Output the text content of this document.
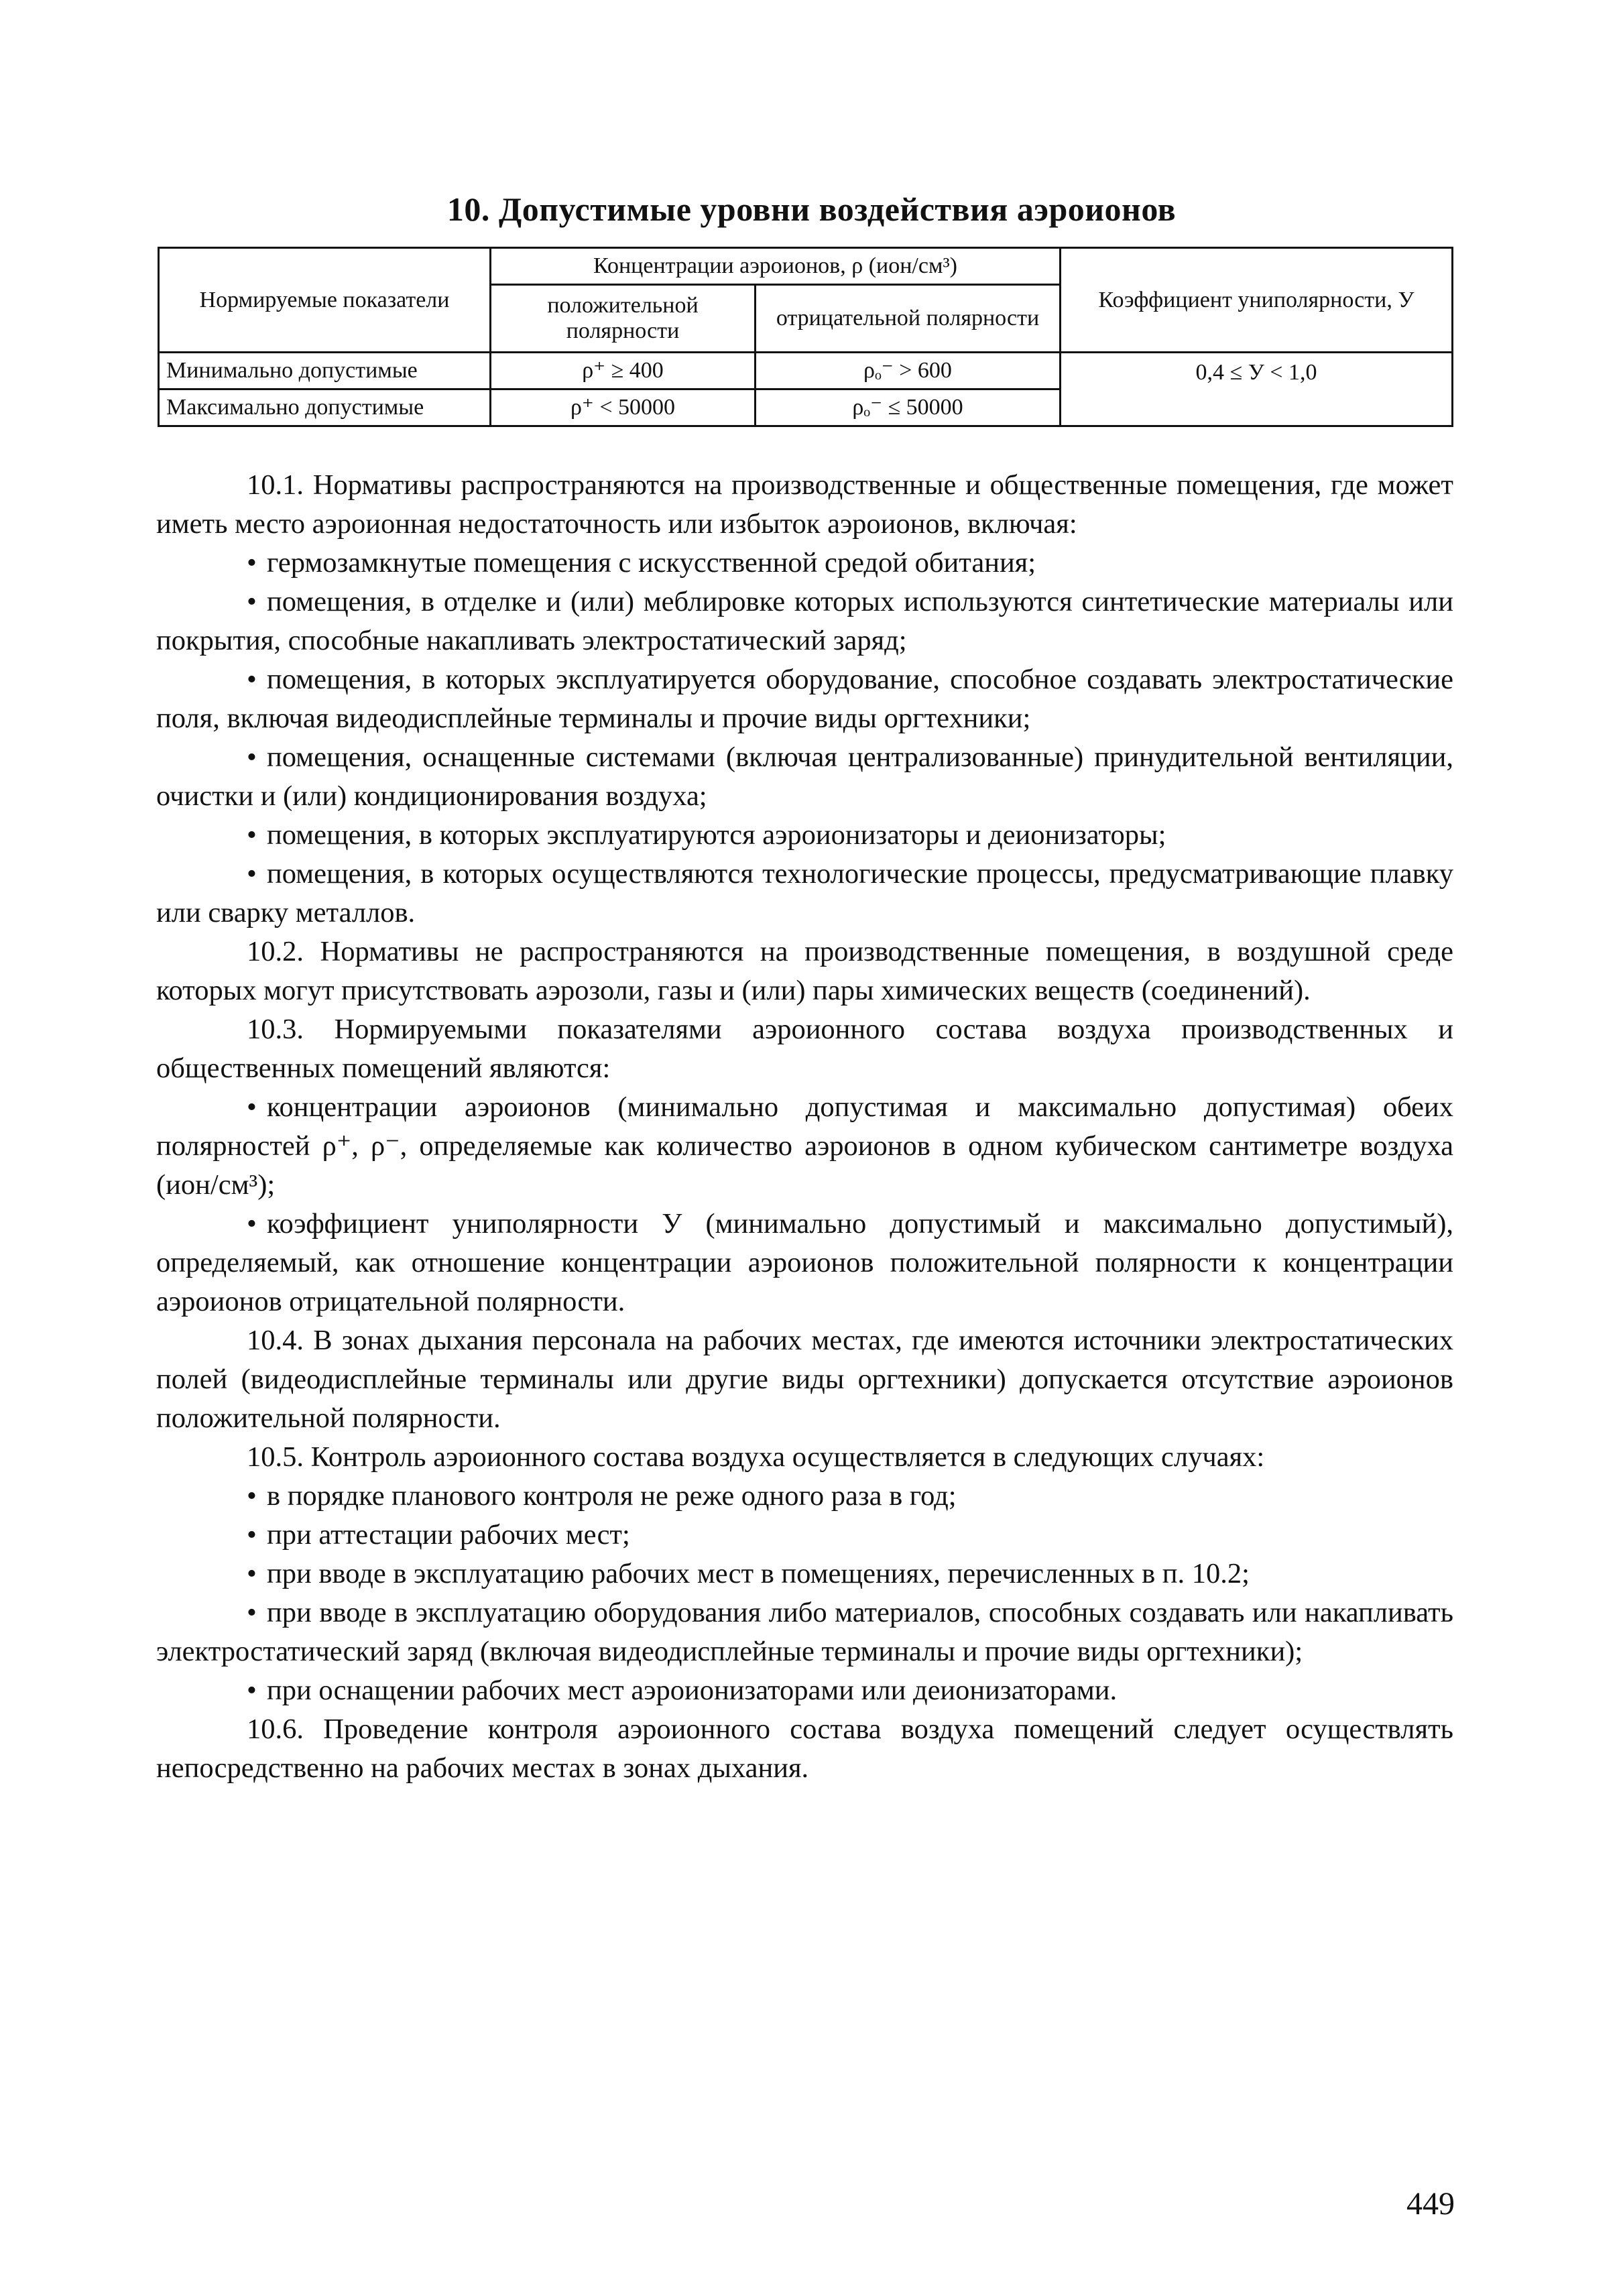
10. Допустимые уровни воздействия аэроионов
Нормируемые показатели	Концентрации аэроионов, ρ (ион/см³)		Коэффициент униполярности, У
	положительной полярности	отрицательной полярности	
Минимально допустимые	ρ⁺ ≥ 400	ρₒ⁻ > 600	0,4 ≤ У < 1,0
Максимально допустимые	ρ⁺ < 50000	ρₒ⁻ ≤ 50000	

10.1. Нормативы распространяются на производственные и общественные помещения, где может иметь место аэроионная недостаточность или избыток аэроионов, включая:

• гермозамкнутые помещения с искусственной средой обитания;

• помещения, в отделке и (или) меблировке которых используются синтетические материалы или покрытия, способные накапливать электростатический заряд;

• помещения, в которых эксплуатируется оборудование, способное создавать электростатические поля, включая видеодисплейные терминалы и прочие виды оргтехники;

• помещения, оснащенные системами (включая централизованные) принудительной вентиляции, очистки и (или) кондиционирования воздуха;

• помещения, в которых эксплуатируются аэроионизаторы и деионизаторы;

• помещения, в которых осуществляются технологические процессы, предусматривающие плавку или сварку металлов.

10.2. Нормативы не распространяются на производственные помещения, в воздушной среде которых могут присутствовать аэрозоли, газы и (или) пары химических веществ (соединений).

10.3. Нормируемыми показателями аэроионного состава воздуха производственных и общественных помещений являются:

• концентрации аэроионов (минимально допустимая и максимально допустимая) обеих полярностей ρ⁺, ρ⁻, определяемые как количество аэроионов в одном кубическом сантиметре воздуха (ион/см³);

• коэффициент униполярности У (минимально допустимый и максимально допустимый), определяемый, как отношение концентрации аэроионов положительной полярности к концентрации аэроионов отрицательной полярности.

10.4. В зонах дыхания персонала на рабочих местах, где имеются источники электростатических полей (видеодисплейные терминалы или другие виды оргтехники) допускается отсутствие аэроионов положительной полярности.

10.5. Контроль аэроионного состава воздуха осуществляется в следующих случаях:

• в порядке планового контроля не реже одного раза в год;

• при аттестации рабочих мест;

• при вводе в эксплуатацию рабочих мест в помещениях, перечисленных в п. 10.2;

• при вводе в эксплуатацию оборудования либо материалов, способных создавать или накапливать электростатический заряд (включая видеодисплейные терминалы и прочие виды оргтехники);

• при оснащении рабочих мест аэроионизаторами или деионизаторами.

10.6. Проведение контроля аэроионного состава воздуха помещений следует осуществлять непосредственно на рабочих местах в зонах дыхания.

449
